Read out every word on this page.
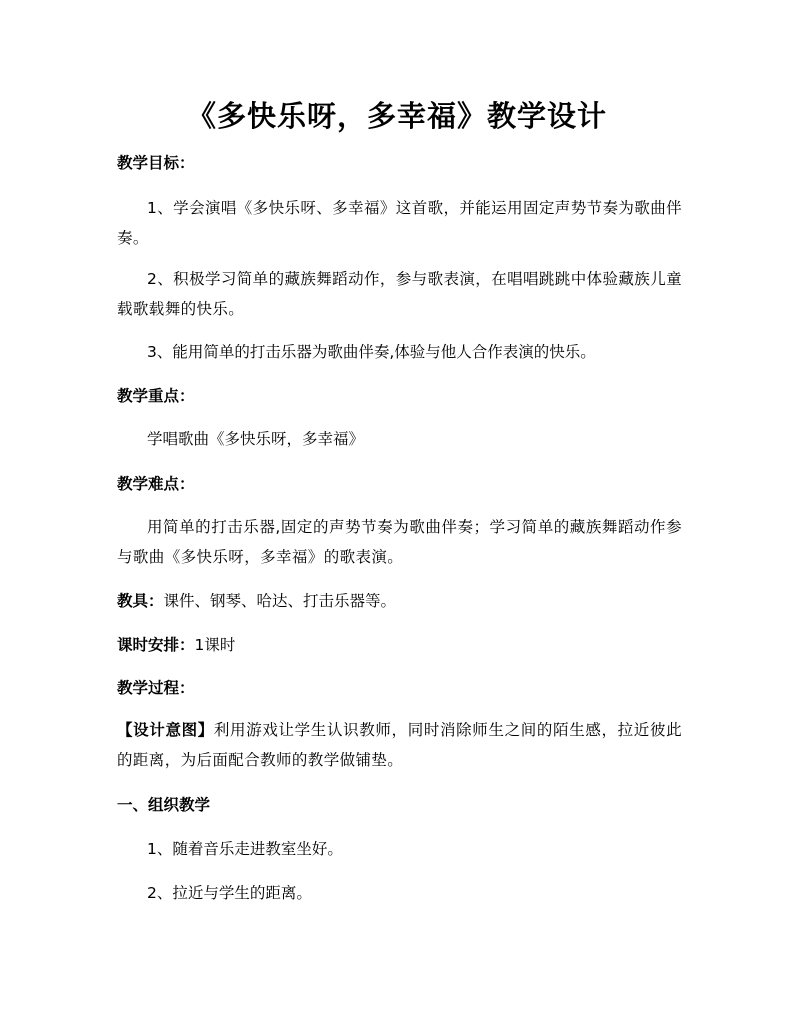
《多快乐呀，多幸福》教学设计
教学目标：
1、学会演唱《多快乐呀、多幸福》这首歌，并能运用固定声势节奏为歌曲伴奏。
2、积极学习简单的藏族舞蹈动作，参与歌表演，在唱唱跳跳中体验藏族儿童载歌载舞的快乐。
3、能用简单的打击乐器为歌曲伴奏,体验与他人合作表演的快乐。
教学重点：
学唱歌曲《多快乐呀，多幸福》
教学难点：
用简单的打击乐器,固定的声势节奏为歌曲伴奏；学习简单的藏族舞蹈动作参与歌曲《多快乐呀，多幸福》的歌表演。
教具：课件、钢琴、哈达、打击乐器等。
课时安排：1课时
教学过程：
【设计意图】利用游戏让学生认识教师，同时消除师生之间的陌生感，拉近彼此的距离，为后面配合教师的教学做铺垫。
一、组织教学
1、随着音乐走进教室坐好。
2、拉近与学生的距离。
